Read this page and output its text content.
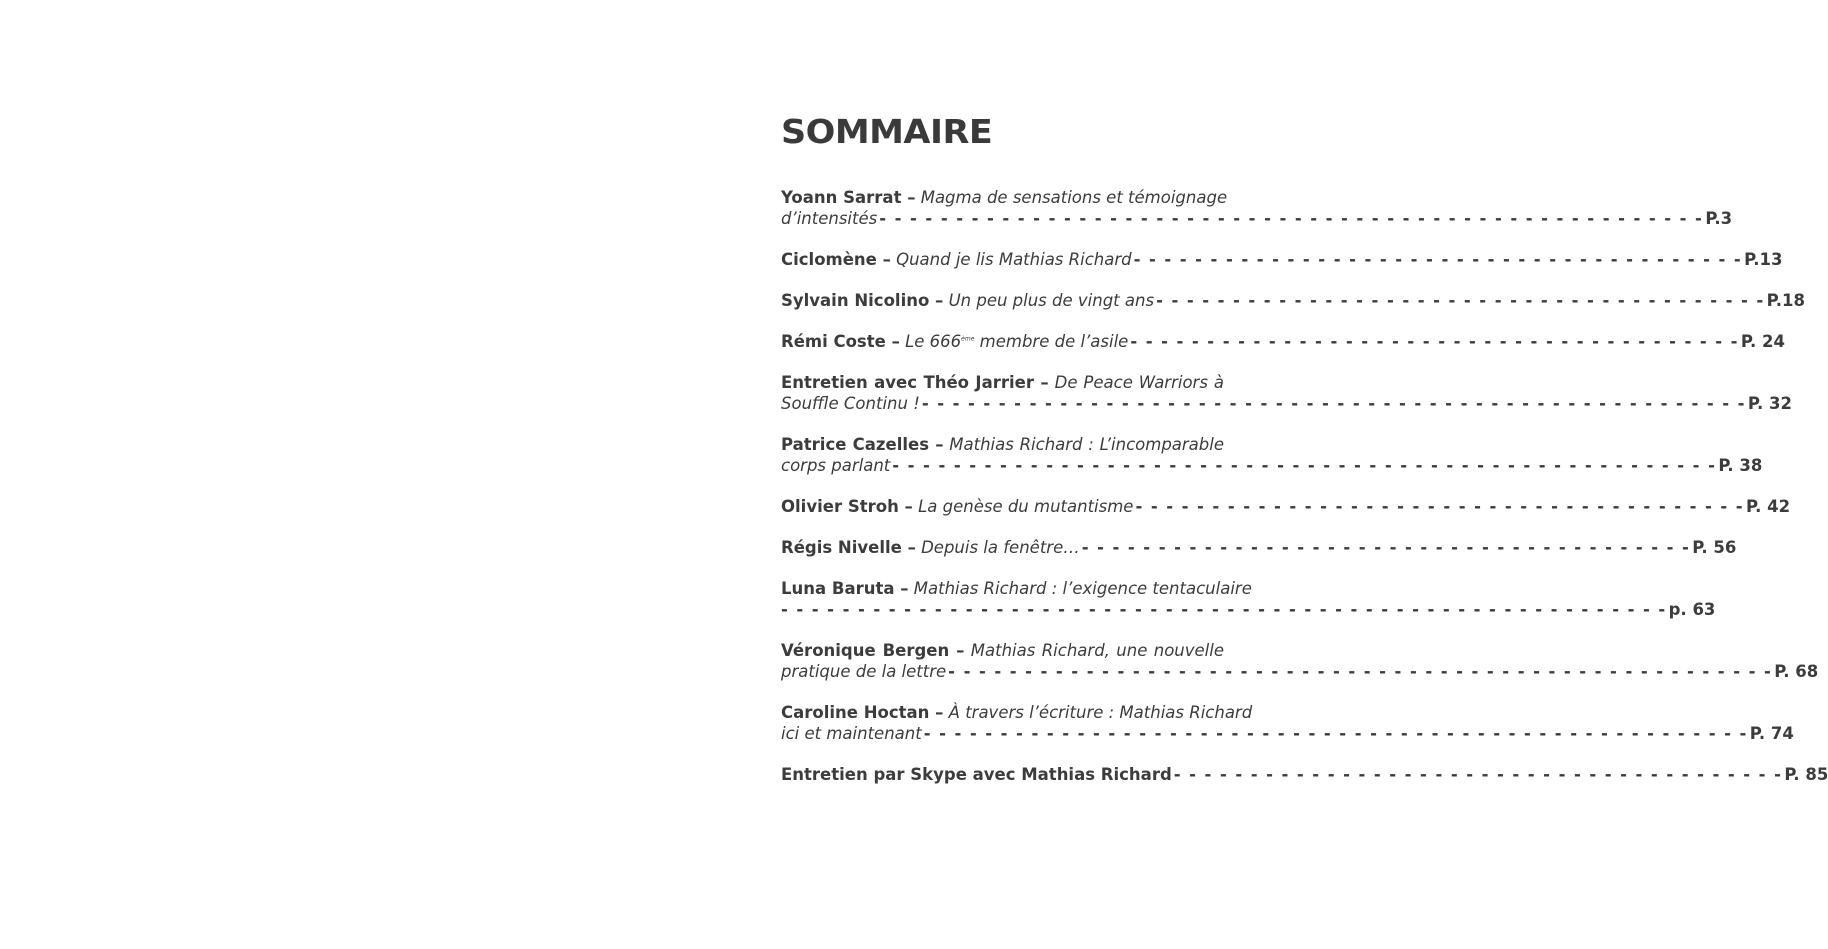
SOMMAIRE
Yoann Sarrat – Magma de sensations et témoignage
d’intensités - - - - - - - - - - - - - - - - - - - - - - - - - - - - - - - - - - - - - - - - - - - - - - - - - - - - - - P.3
Ciclomène –
Quand je lis Mathias Richard - - - - - - - - - - - - - - - - - - - - - - - - - - - - - - - - - - - - - - - - P.13
Sylvain Nicolino –
Un peu plus de vingt ans - - - - - - - - - - - - - - - - - - - - - - - - - - - - - - - - - - - - - - - - P.18
Rémi Coste –
Le 666ème membre de l’asile - - - - - - - - - - - - - - - - - - - - - - - - - - - - - - - - - - - - - - - - P. 24
Entretien avec Théo Jarrier – De Peace Warriors à
Souffle Continu ! - - - - - - - - - - - - - - - - - - - - - - - - - - - - - - - - - - - - - - - - - - - - - - - - - - - - - - P. 32
Patrice Cazelles – Mathias Richard : L’incomparable
corps parlant - - - - - - - - - - - - - - - - - - - - - - - - - - - - - - - - - - - - - - - - - - - - - - - - - - - - - - P. 38
Olivier Stroh –
La genèse du mutantisme - - - - - - - - - - - - - - - - - - - - - - - - - - - - - - - - - - - - - - - - P. 42
Régis Nivelle –
Depuis la fenêtre… - - - - - - - - - - - - - - - - - - - - - - - - - - - - - - - - - - - - - - - - P. 56
Luna Baruta – Mathias Richard : l’exigence tentaculaire
- - - - - - - - - - - - - - - - - - - - - - - - - - - - - - - - - - - - - - - - - - - - - - - - - - - - - - - - - - p. 63
Véronique Bergen – Mathias Richard, une nouvelle
pratique de la lettre - - - - - - - - - - - - - - - - - - - - - - - - - - - - - - - - - - - - - - - - - - - - - - - - - - - - - - P. 68
Caroline Hoctan – À travers l’écriture : Mathias Richard
ici et maintenant - - - - - - - - - - - - - - - - - - - - - - - - - - - - - - - - - - - - - - - - - - - - - - - - - - - - - - P. 74
Entretien par Skype avec Mathias Richard - - - - - - - - - - - - - - - - - - - - - - - - - - - - - - - - - - - - - - - - P. 85
